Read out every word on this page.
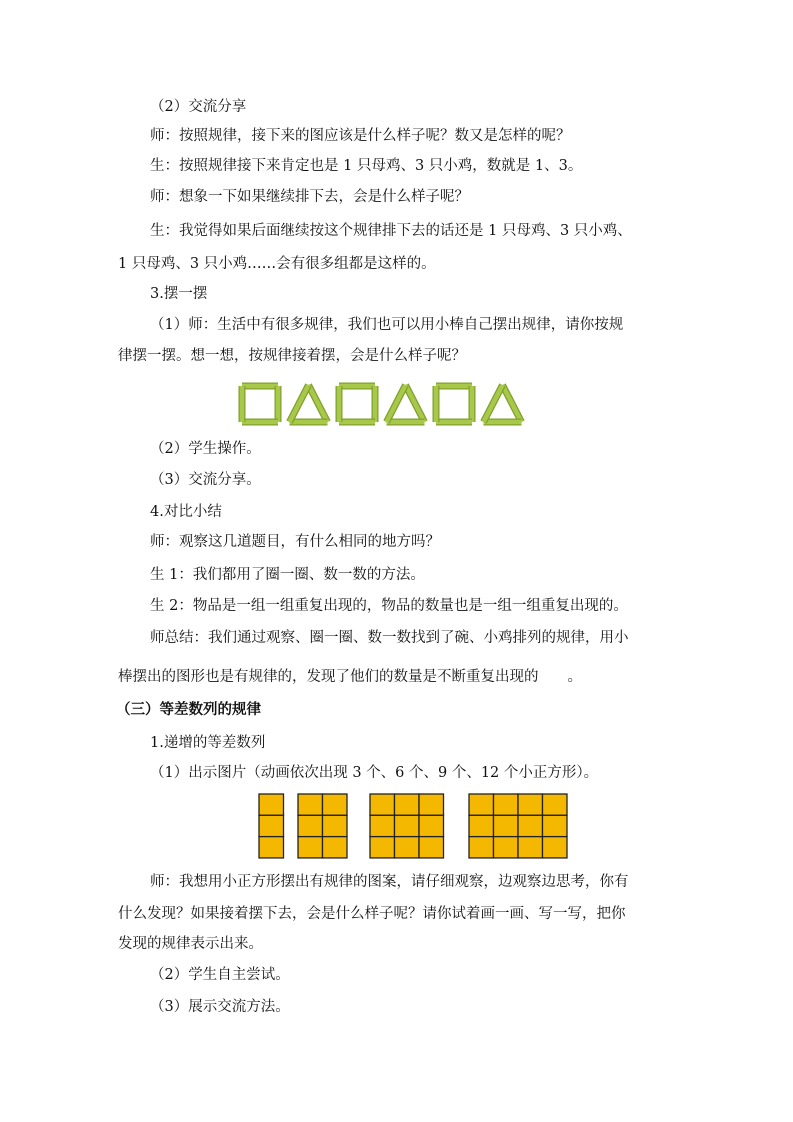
（2）交流分享
师：按照规律，接下来的图应该是什么样子呢？数又是怎样的呢？
生：按照规律接下来肯定也是 1 只母鸡、3 只小鸡，数就是 1、3。
师：想象一下如果继续排下去，会是什么样子呢？
生：我觉得如果后面继续按这个规律排下去的话还是 1 只母鸡、3 只小鸡、
1 只母鸡、3 只小鸡……会有很多组都是这样的。
3.摆一摆
（1）师：生活中有很多规律，我们也可以用小棒自己摆出规律，请你按规
律摆一摆。想一想，按规律接着摆，会是什么样子呢？
（2）学生操作。
（3）交流分享。
4.对比小结
师：观察这几道题目，有什么相同的地方吗？
生 1：我们都用了圈一圈、数一数的方法。
生 2：物品是一组一组重复出现的，物品的数量也是一组一组重复出现的。
师总结：我们通过观察、圈一圈、数一数找到了碗、小鸡排列的规律，用小
棒摆出的图形也是有规律的，发现了他们的数量是不断重复出现的　　。
（三）等差数列的规律
1.递增的等差数列
（1）出示图片（动画依次出现 3 个、6 个、9 个、12 个小正方形）。
师：我想用小正方形摆出有规律的图案，请仔细观察，边观察边思考，你有
什么发现？如果接着摆下去，会是什么样子呢？请你试着画一画、写一写，把你
发现的规律表示出来。
（2）学生自主尝试。
（3）展示交流方法。
